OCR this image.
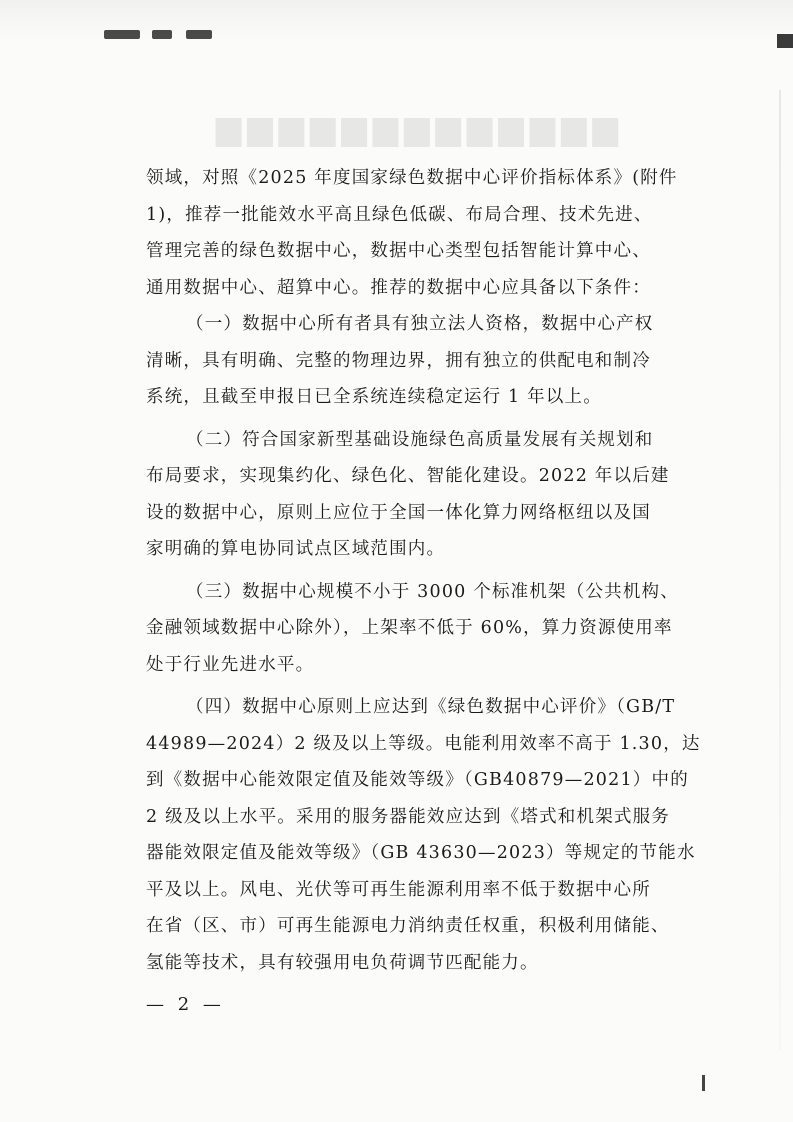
▆▆▆▆▆▆▆▆▆▆▆▆▆
领域，对照《2025 年度国家绿色数据中心评价指标体系》(附件
1)，推荐一批能效水平高且绿色低碳、布局合理、技术先进、
管理完善的绿色数据中心，数据中心类型包括智能计算中心、
通用数据中心、超算中心。推荐的数据中心应具备以下条件：
（一）数据中心所有者具有独立法人资格，数据中心产权
清晰，具有明确、完整的物理边界，拥有独立的供配电和制冷
系统，且截至申报日已全系统连续稳定运行 1 年以上。
（二）符合国家新型基础设施绿色高质量发展有关规划和
布局要求，实现集约化、绿色化、智能化建设。2022 年以后建
设的数据中心，原则上应位于全国一体化算力网络枢纽以及国
家明确的算电协同试点区域范围内。
（三）数据中心规模不小于 3000 个标准机架（公共机构、
金融领域数据中心除外），上架率不低于 60%，算力资源使用率
处于行业先进水平。
（四）数据中心原则上应达到《绿色数据中心评价》（GB/T
44989—2024）2 级及以上等级。电能利用效率不高于 1.30，达
到《数据中心能效限定值及能效等级》（GB40879—2021）中的
2 级及以上水平。采用的服务器能效应达到《塔式和机架式服务
器能效限定值及能效等级》（GB 43630—2023）等规定的节能水
平及以上。风电、光伏等可再生能源利用率不低于数据中心所
在省（区、市）可再生能源电力消纳责任权重，积极利用储能、
氢能等技术，具有较强用电负荷调节匹配能力。
— 2 —
